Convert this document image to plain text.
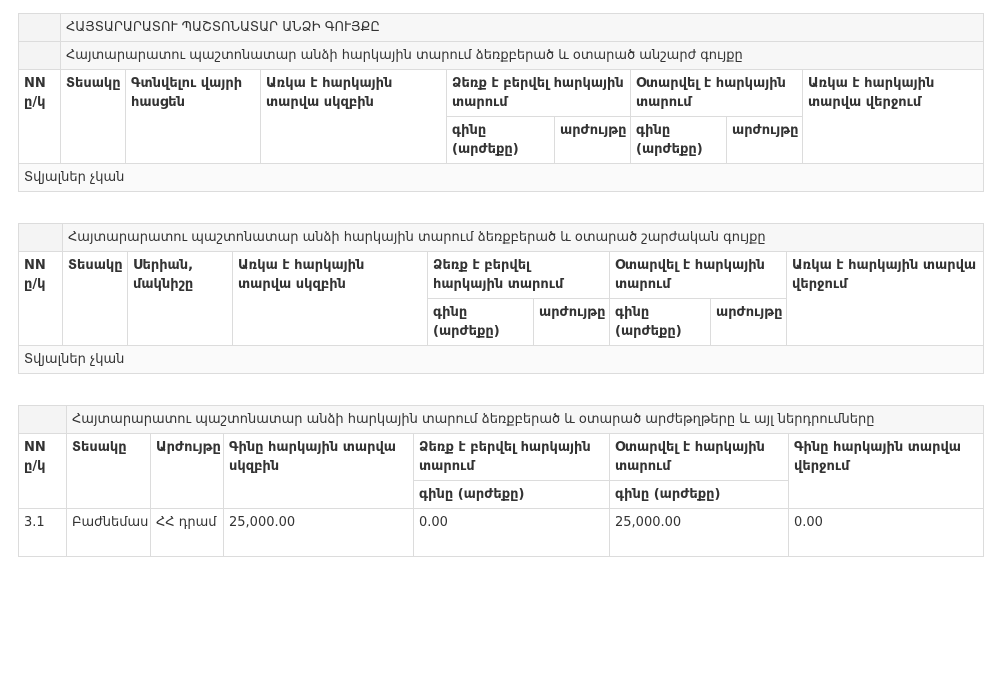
	ՀԱՅՏԱՐԱՐԱՏՈՒ ՊԱՇՏՈՆԱՏԱՐ ԱՆՁԻ ԳՈՒՅՔԸ							
	Հայտարարատու պաշտոնատար անձի հարկային տարում ձեռքբերած և օտարած անշարժ գույքը							
NN ը/կ	Տեսակը	Գտնվելու վայրի հասցեն	Առկա է հարկային տարվա սկզբին	Ձեռք է բերվել հարկային տարում		Օտարվել է հարկային տարում		Առկա է հարկային տարվա վերջում
				գինը (արժեքը)	արժույթը	գինը (արժեքը)	արժույթը	
Տվյալներ չկան								
	Հայտարարատու պաշտոնատար անձի հարկային տարում ձեռքբերած և օտարած շարժական գույքը							
NN ը/կ	Տեսակը	Սերիան, մակնիշը	Առկա է հարկային տարվա սկզբին	Ձեռք է բերվել հարկային տարում		Օտարվել է հարկային տարում		Առկա է հարկային տարվա վերջում
				գինը (արժեքը)	արժույթը	գինը (արժեքը)	արժույթը	
Տվյալներ չկան								
	Հայտարարատու պաշտոնատար անձի հարկային տարում ձեռքբերած և օտարած արժեթղթերը և այլ ներդրումները					
NN ը/կ	Տեսակը	Արժույթը	Գինը հարկային տարվա սկզբին	Ձեռք է բերվել հարկային տարում	Օտարվել է հարկային տարում	Գինը հարկային տարվա վերջում
				գինը (արժեքը)	գինը (արժեքը)	
3.1	Բաժնեմաս	ՀՀ դրամ	25,000.00	0.00	25,000.00	0.00
